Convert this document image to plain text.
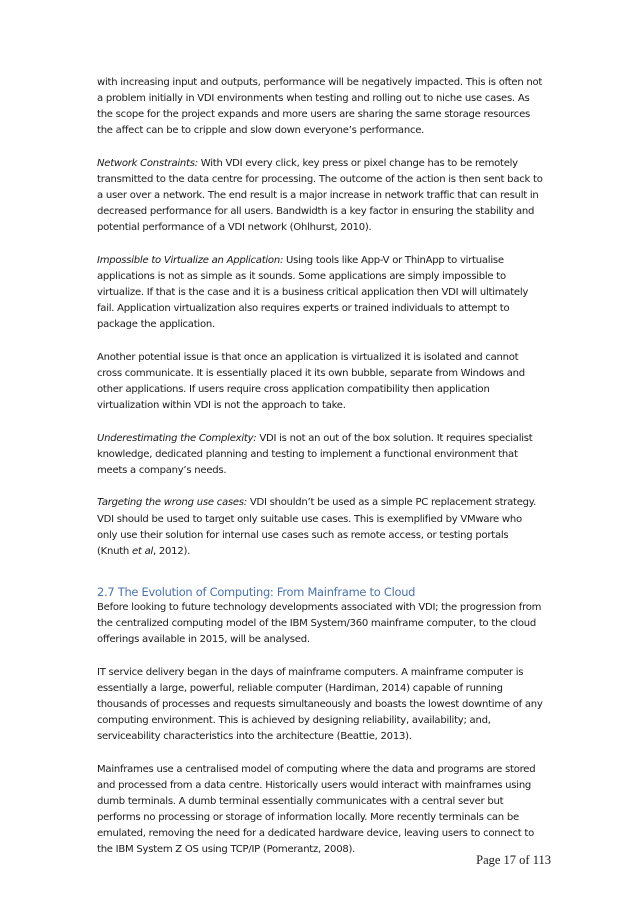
with increasing input and outputs, performance will be negatively impacted. This is often not a problem initially in VDI environments when testing and rolling out to niche use cases. As the scope for the project expands and more users are sharing the same storage resources the affect can be to cripple and slow down everyone’s performance.

Network Constraints: With VDI every click, key press or pixel change has to be remotely transmitted to the data centre for processing. The outcome of the action is then sent back to a user over a network. The end result is a major increase in network traffic that can result in decreased performance for all users. Bandwidth is a key factor in ensuring the stability and potential performance of a VDI network (Ohlhurst, 2010).

Impossible to Virtualize an Application: Using tools like App-V or ThinApp to virtualise applications is not as simple as it sounds. Some applications are simply impossible to virtualize. If that is the case and it is a business critical application then VDI will ultimately fail. Application virtualization also requires experts or trained individuals to attempt to package the application.

Another potential issue is that once an application is virtualized it is isolated and cannot cross communicate. It is essentially placed it its own bubble, separate from Windows and other applications. If users require cross application compatibility then application virtualization within VDI is not the approach to take.

Underestimating the Complexity: VDI is not an out of the box solution. It requires specialist knowledge, dedicated planning and testing to implement a functional environment that meets a company’s needs.

Targeting the wrong use cases: VDI shouldn’t be used as a simple PC replacement strategy. VDI should be used to target only suitable use cases. This is exemplified by VMware who only use their solution for internal use cases such as remote access, or testing portals (Knuth et al, 2012).

2.7 The Evolution of Computing: From Mainframe to Cloud

Before looking to future technology developments associated with VDI; the progression from the centralized computing model of the IBM System/360 mainframe computer, to the cloud offerings available in 2015, will be analysed.

IT service delivery began in the days of mainframe computers. A mainframe computer is essentially a large, powerful, reliable computer (Hardiman, 2014) capable of running thousands of processes and requests simultaneously and boasts the lowest downtime of any computing environment. This is achieved by designing reliability, availability; and, serviceability characteristics into the architecture (Beattie, 2013).

Mainframes use a centralised model of computing where the data and programs are stored and processed from a data centre. Historically users would interact with mainframes using dumb terminals. A dumb terminal essentially communicates with a central sever but performs no processing or storage of information locally. More recently terminals can be emulated, removing the need for a dedicated hardware device, leaving users to connect to the IBM System Z OS using TCP/IP (Pomerantz, 2008).

Page 17 of 113
